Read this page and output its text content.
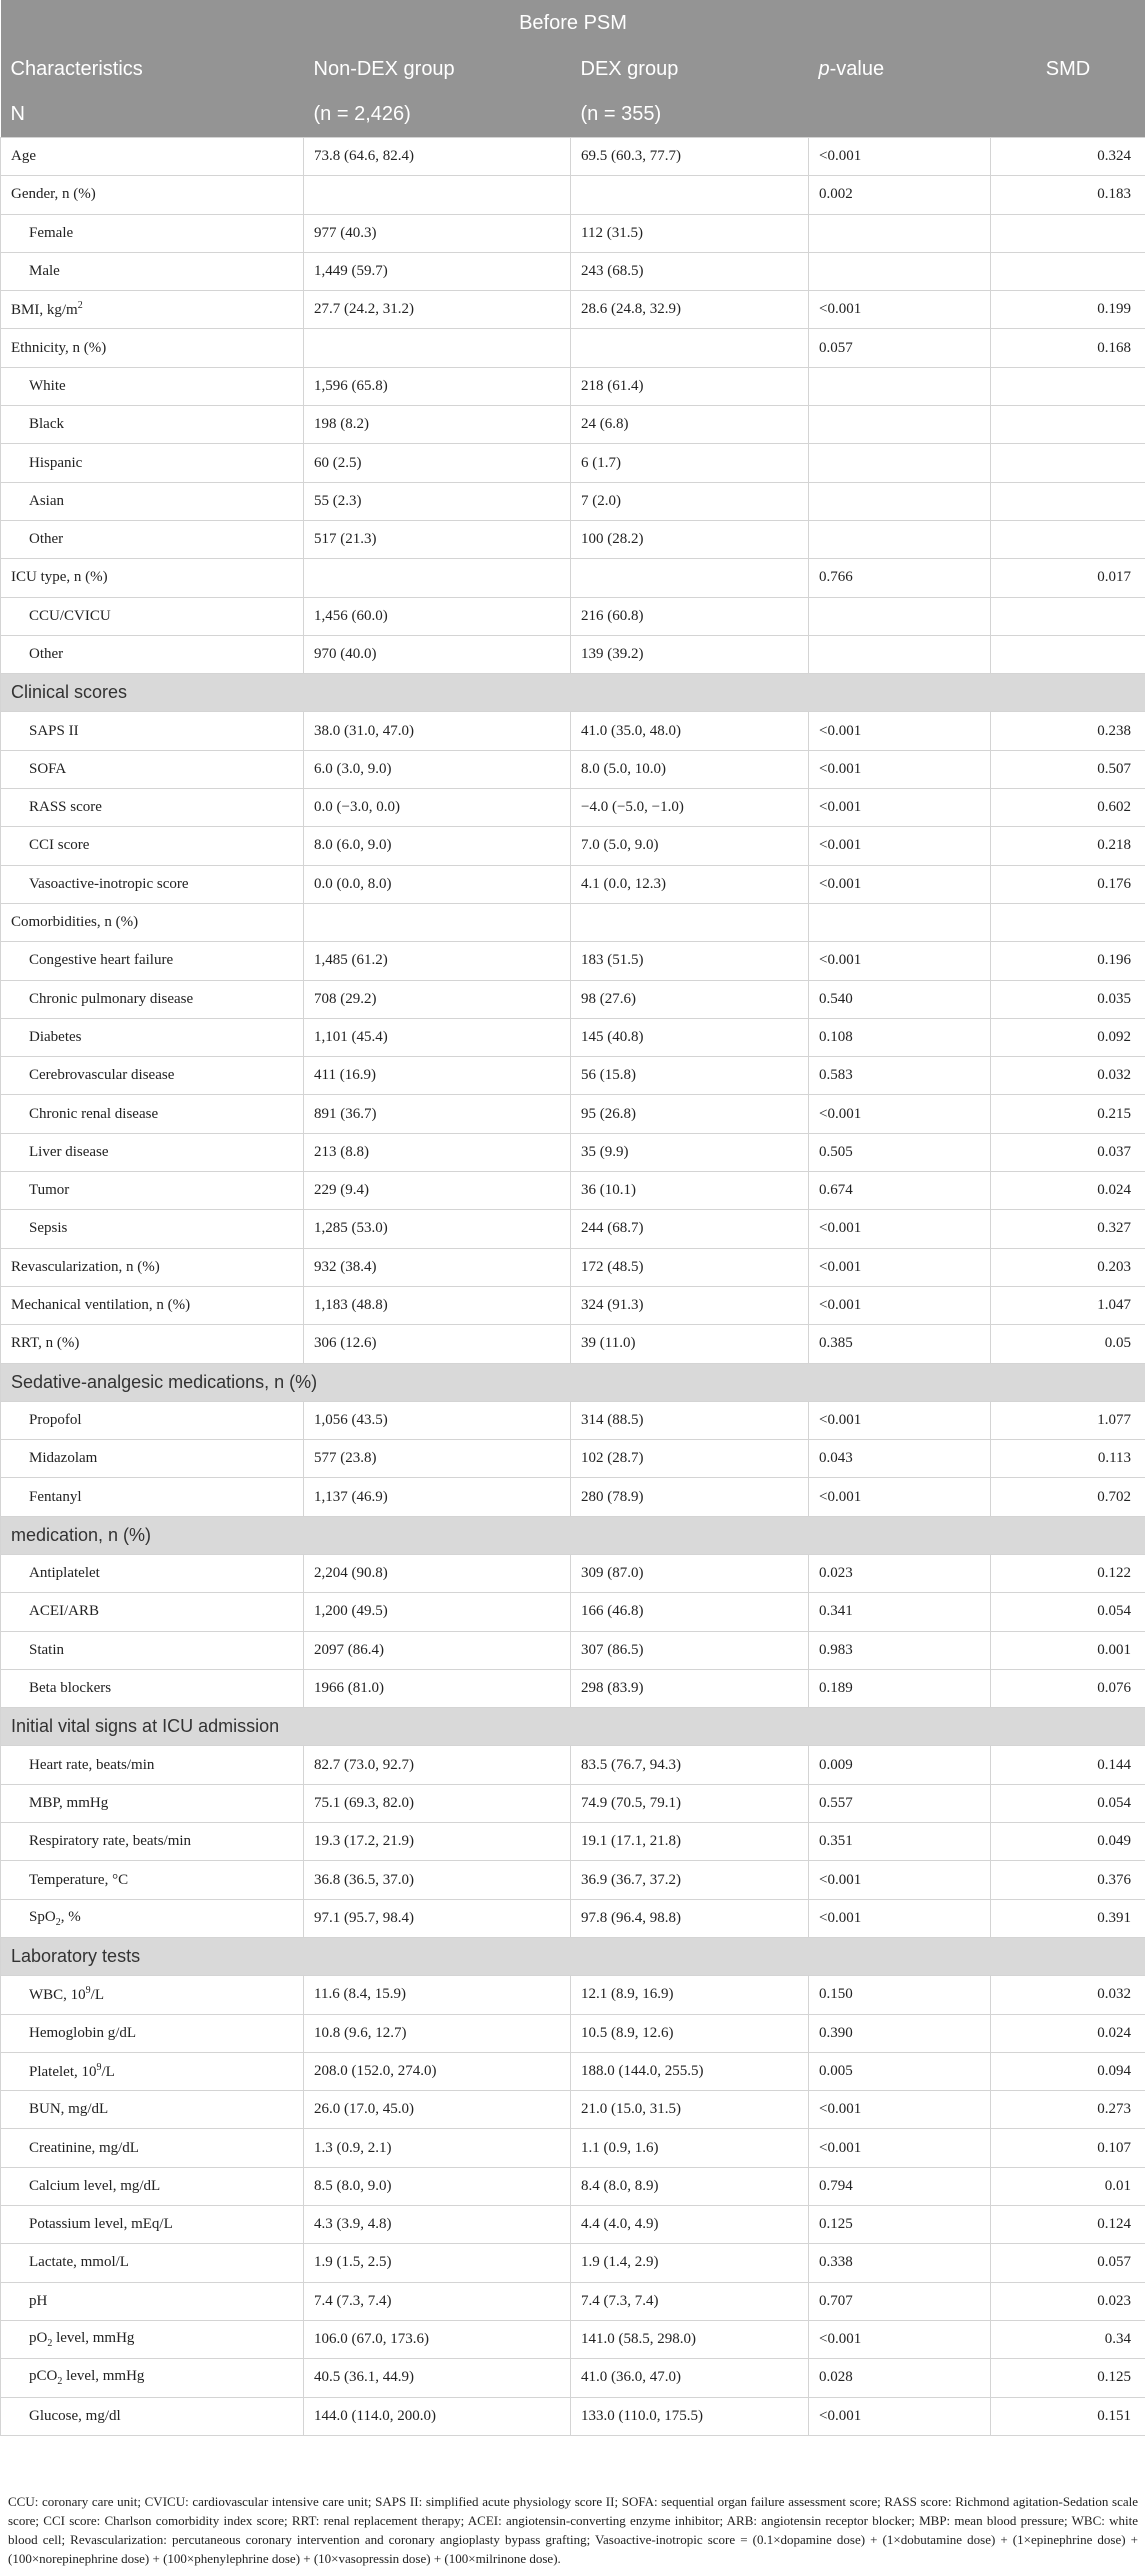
Before PSM				
Characteristics	Non-DEX group	DEX group	p-value	SMD
N	(n = 2,426)	(n = 355)		
Age	73.8 (64.6, 82.4)	69.5 (60.3, 77.7)	<0.001	0.324
Gender, n (%)			0.002	0.183
Female	977 (40.3)	112 (31.5)		
Male	1,449 (59.7)	243 (68.5)		
BMI, $kg/m^2$	27.7 (24.2, 31.2)	28.6 (24.8, 32.9)	<0.001	0.199
Ethnicity, n (%)			0.057	0.168
White	1,596 (65.8)	218 (61.4)		
Black	198 (8.2)	24 (6.8)		
Hispanic	60 (2.5)	6 (1.7)		
Asian	55 (2.3)	7 (2.0)		
Other	517 (21.3)	100 (28.2)		
ICU type, n (%)			0.766	0.017
CCU/CVICU	1,456 (60.0)	216 (60.8)		
Other	970 (40.0)	139 (39.2)		
Clinical scores				
SAPS II	38.0 (31.0, 47.0)	41.0 (35.0, 48.0)	<0.001	0.238
SOFA	6.0 (3.0, 9.0)	8.0 (5.0, 10.0)	<0.001	0.507
RASS score	0.0 (−3.0, 0.0)	−4.0 (−5.0, −1.0)	<0.001	0.602
CCI score	8.0 (6.0, 9.0)	7.0 (5.0, 9.0)	<0.001	0.218
Vasoactive-inotropic score	0.0 (0.0, 8.0)	4.1 (0.0, 12.3)	<0.001	0.176
Comorbidities, n (%)				
Congestive heart failure	1,485 (61.2)	183 (51.5)	<0.001	0.196
Chronic pulmonary disease	708 (29.2)	98 (27.6)	0.540	0.035
Diabetes	1,101 (45.4)	145 (40.8)	0.108	0.092
Cerebrovascular disease	411 (16.9)	56 (15.8)	0.583	0.032
Chronic renal disease	891 (36.7)	95 (26.8)	<0.001	0.215
Liver disease	213 (8.8)	35 (9.9)	0.505	0.037
Tumor	229 (9.4)	36 (10.1)	0.674	0.024
Sepsis	1,285 (53.0)	244 (68.7)	<0.001	0.327
Revascularization, n (%)	932 (38.4)	172 (48.5)	<0.001	0.203
Mechanical ventilation, n (%)	1,183 (48.8)	324 (91.3)	<0.001	1.047
RRT, n (%)	306 (12.6)	39 (11.0)	0.385	0.05
Sedative-analgesic medications, n (%)				
Propofol	1,056 (43.5)	314 (88.5)	<0.001	1.077
Midazolam	577 (23.8)	102 (28.7)	0.043	0.113
Fentanyl	1,137 (46.9)	280 (78.9)	<0.001	0.702
medication, n (%)				
Antiplatelet	2,204 (90.8)	309 (87.0)	0.023	0.122
ACEI/ARB	1,200 (49.5)	166 (46.8)	0.341	0.054
Statin	2097 (86.4)	307 (86.5)	0.983	0.001
Beta blockers	1966 (81.0)	298 (83.9)	0.189	0.076
Initial vital signs at ICU admission				
Heart rate, beats/min	82.7 (73.0, 92.7)	83.5 (76.7, 94.3)	0.009	0.144
MBP, mmHg	75.1 (69.3, 82.0)	74.9 (70.5, 79.1)	0.557	0.054
Respiratory rate, beats/min	19.3 (17.2, 21.9)	19.1 (17.1, 21.8)	0.351	0.049
Temperature, °C	36.8 (36.5, 37.0)	36.9 (36.7, 37.2)	<0.001	0.376
SpO$_2$, %	97.1 (95.7, 98.4)	97.8 (96.4, 98.8)	<0.001	0.391
Laboratory tests				
WBC, $10^9/L$	11.6 (8.4, 15.9)	12.1 (8.9, 16.9)	0.150	0.032
Hemoglobin g/dL	10.8 (9.6, 12.7)	10.5 (8.9, 12.6)	0.390	0.024
Platelet, $10^9/L$	208.0 (152.0, 274.0)	188.0 (144.0, 255.5)	0.005	0.094
BUN, mg/dL	26.0 (17.0, 45.0)	21.0 (15.0, 31.5)	<0.001	0.273
Creatinine, mg/dL	1.3 (0.9, 2.1)	1.1 (0.9, 1.6)	<0.001	0.107
Calcium level, mg/dL	8.5 (8.0, 9.0)	8.4 (8.0, 8.9)	0.794	0.01
Potassium level, mEq/L	4.3 (3.9, 4.8)	4.4 (4.0, 4.9)	0.125	0.124
Lactate, mmol/L	1.9 (1.5, 2.5)	1.9 (1.4, 2.9)	0.338	0.057
pH	7.4 (7.3, 7.4)	7.4 (7.3, 7.4)	0.707	0.023
$pO_2$ level, mmHg	106.0 (67.0, 173.6)	141.0 (58.5, 298.0)	<0.001	0.34
pCO$_2$ level, mmHg	40.5 (36.1, 44.9)	41.0 (36.0, 47.0)	0.028	0.125
Glucose, mg/dl	144.0 (114.0, 200.0)	133.0 (110.0, 175.5)	<0.001	0.151
CCU: coronary care unit; CVICU: cardiovascular intensive care unit; SAPS II: simplified acute physiology score II; SOFA: sequential organ failure assessment score; RASS score: Richmond agitation-Sedation scale score; CCI score: Charlson comorbidity index score; RRT: renal replacement therapy; ACEI: angiotensin-converting enzyme inhibitor; ARB: angiotensin receptor blocker; MBP: mean blood pressure; WBC: white blood cell; Revascularization: percutaneous coronary intervention and coronary angioplasty bypass grafting; Vasoactive-inotropic score = (0.1×dopamine dose) + (1×dobutamine dose) + (1×epinephrine dose) + (100×norepinephrine dose) + (100×phenylephrine dose) + (10×vasopressin dose) + (100×milrinone dose).
